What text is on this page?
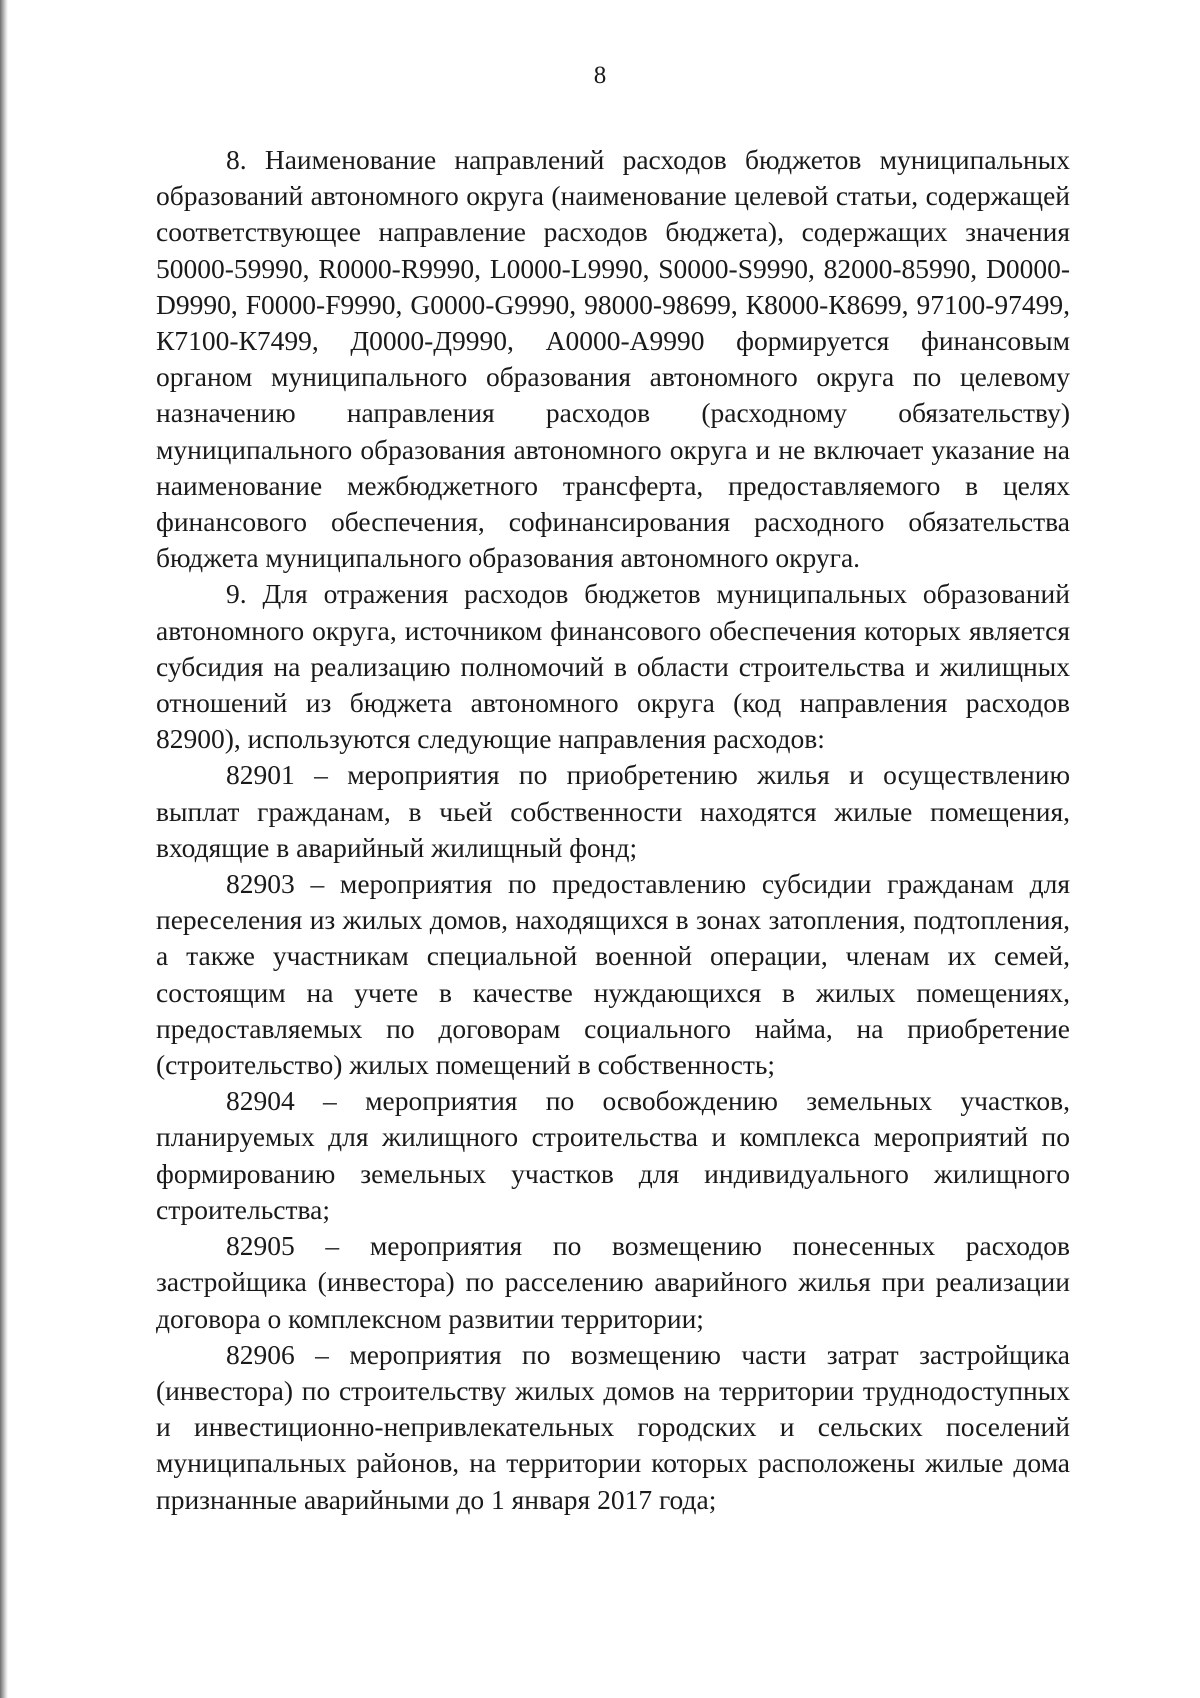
8

8. Наименование направлений расходов бюджетов муниципальных образований автономного округа (наименование целевой статьи, содержащей соответствующее направление расходов бюджета), содержащих значения 50000-59990, R0000-R9990, L0000-L9990, S0000-S9990, 82000-85990, D0000-D9990, F0000-F9990, G0000-G9990, 98000-98699, К8000-К8699, 97100-97499, К7100-К7499, Д0000-Д9990, А0000-А9990 формируется финансовым органом муниципального образования автономного округа по целевому назначению направления расходов (расходному обязательству) муниципального образования автономного округа и не включает указание на наименование межбюджетного трансферта, предоставляемого в целях финансового обеспечения, софинансирования расходного обязательства бюджета муниципального образования автономного округа.

9. Для отражения расходов бюджетов муниципальных образований автономного округа, источником финансового обеспечения которых является субсидия на реализацию полномочий в области строительства и жилищных отношений из бюджета автономного округа (код направления расходов 82900), используются следующие направления расходов:

82901 – мероприятия по приобретению жилья и осуществлению выплат гражданам, в чьей собственности находятся жилые помещения, входящие в аварийный жилищный фонд;

82903 – мероприятия по предоставлению субсидии гражданам для переселения из жилых домов, находящихся в зонах затопления, подтопления, а также участникам специальной военной операции, членам их семей, состоящим на учете в качестве нуждающихся в жилых помещениях, предоставляемых по договорам социального найма, на приобретение (строительство) жилых помещений в собственность;

82904 – мероприятия по освобождению земельных участков, планируемых для жилищного строительства и комплекса мероприятий по формированию земельных участков для индивидуального жилищного строительства;

82905 – мероприятия по возмещению понесенных расходов застройщика (инвестора) по расселению аварийного жилья при реализации договора о комплексном развитии территории;

82906 – мероприятия по возмещению части затрат застройщика (инвестора) по строительству жилых домов на территории труднодоступных и инвестиционно-непривлекательных городских и сельских поселений муниципальных районов, на территории которых расположены жилые дома признанные аварийными до 1 января 2017 года;
